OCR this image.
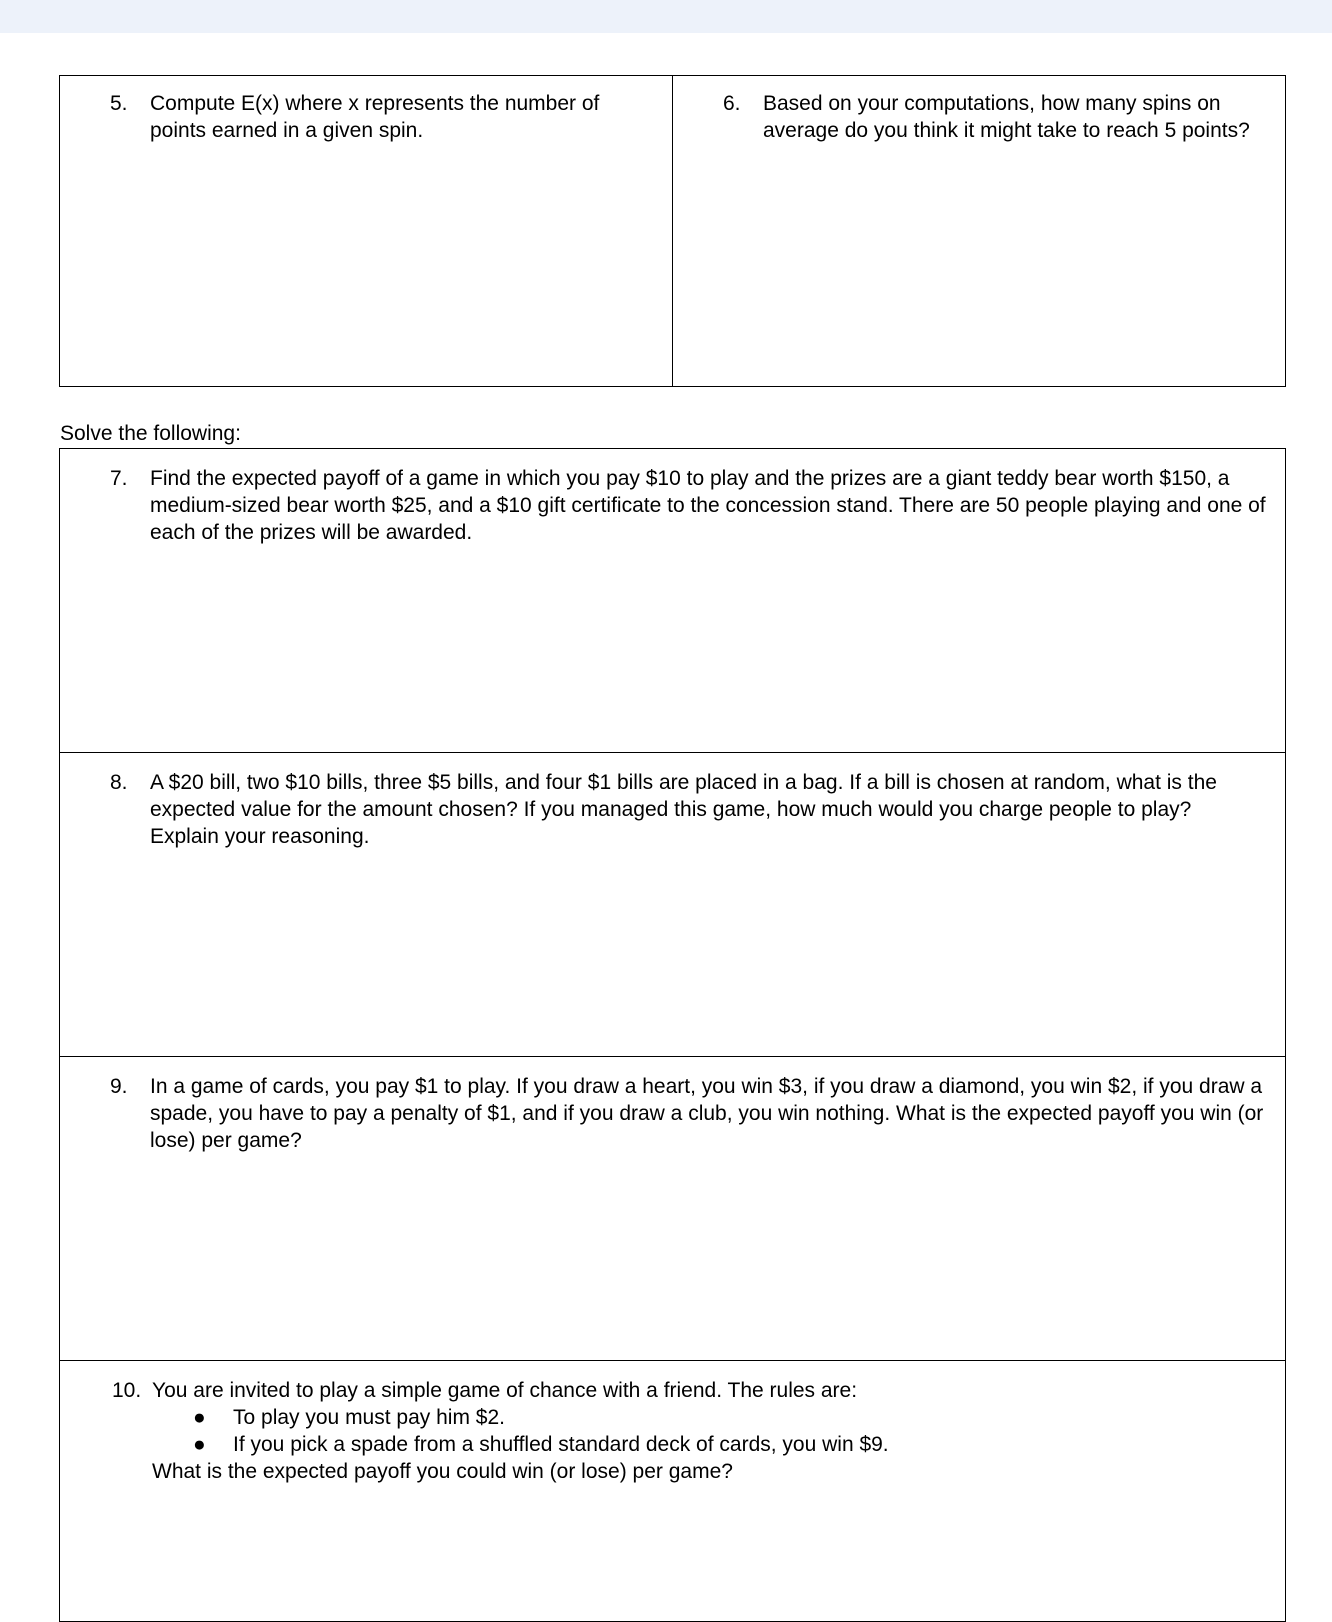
5. Compute E(x) where x represents the number of points earned in a given spin.

6. Based on your computations, how many spins on average do you think it might take to reach 5 points?
Solve the following:
7. Find the expected payoff of a game in which you pay $10 to play and the prizes are a giant teddy bear worth $150, a medium-sized bear worth $25, and a $10 gift certificate to the concession stand. There are 50 people playing and one of each of the prizes will be awarded.

8. A $20 bill, two $10 bills, three $5 bills, and four $1 bills are placed in a bag. If a bill is chosen at random, what is the expected value for the amount chosen? If you managed this game, how much would you charge people to play? Explain your reasoning.

9. In a game of cards, you pay $1 to play. If you draw a heart, you win $3, if you draw a diamond, you win $2, if you draw a spade, you have to pay a penalty of $1, and if you draw a club, you win nothing. What is the expected payoff you win (or lose) per game?

10. You are invited to play a simple game of chance with a friend. The rules are:
● To play you must pay him $2.
● If you pick a spade from a shuffled standard deck of cards, you win $9.
What is the expected payoff you could win (or lose) per game?
